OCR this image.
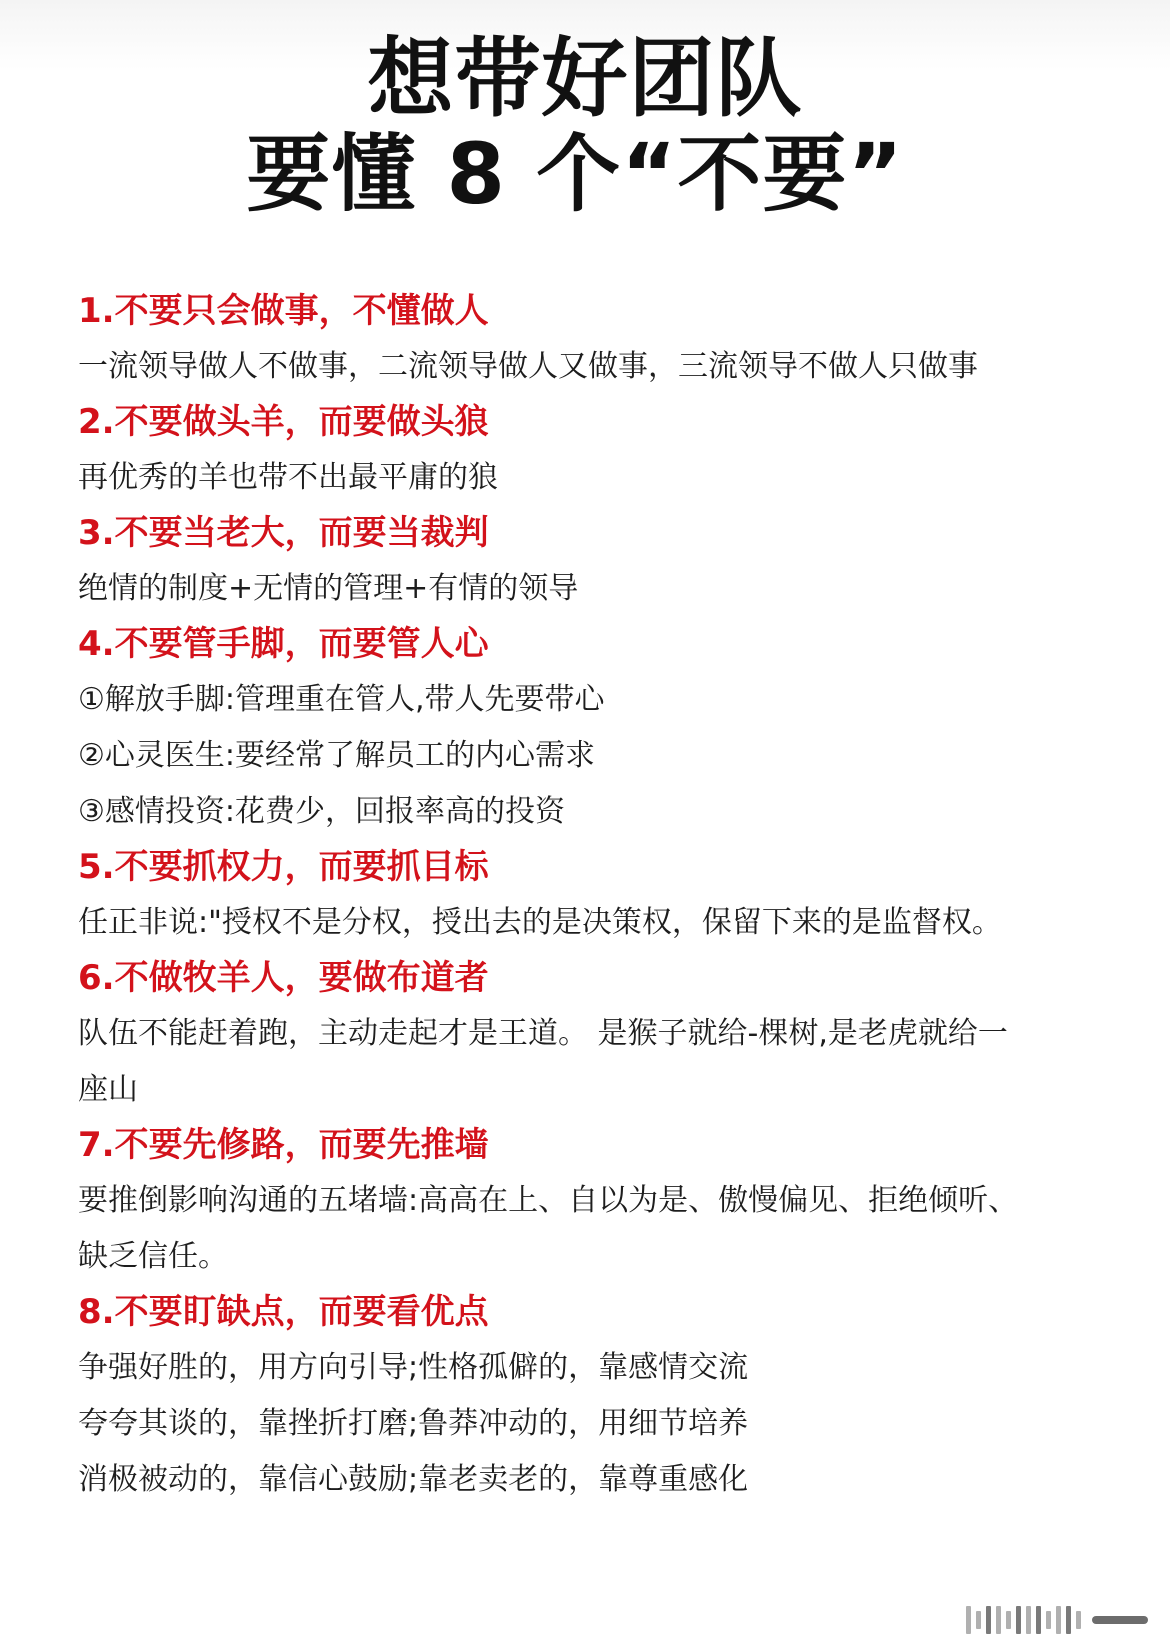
想带好团队
要懂 8 个“不要”
1.不要只会做事，不懂做人
一流领导做人不做事，二流领导做人又做事，三流领导不做人只做事
2.不要做头羊，而要做头狼
再优秀的羊也带不出最平庸的狼
3.不要当老大，而要当裁判
绝情的制度+无情的管理+有情的领导
4.不要管手脚，而要管人心
①解放手脚:管理重在管人,带人先要带心
②心灵医生:要经常了解员工的内心需求
③感情投资:花费少，回报率高的投资
5.不要抓权力，而要抓目标
任正非说:"授权不是分权，授出去的是决策权，保留下来的是监督权。
6.不做牧羊人，要做布道者
队伍不能赶着跑，主动走起才是王道。 是猴子就给-棵树,是老虎就给一
座山
7.不要先修路，而要先推墙
要推倒影响沟通的五堵墙:高高在上、自以为是、傲慢偏见、拒绝倾听、
缺乏信任。
8.不要盯缺点，而要看优点
争强好胜的，用方向引导;性格孤僻的，靠感情交流
夸夸其谈的，靠挫折打磨;鲁莽冲动的，用细节培养
消极被动的，靠信心鼓励;靠老卖老的，靠尊重感化
